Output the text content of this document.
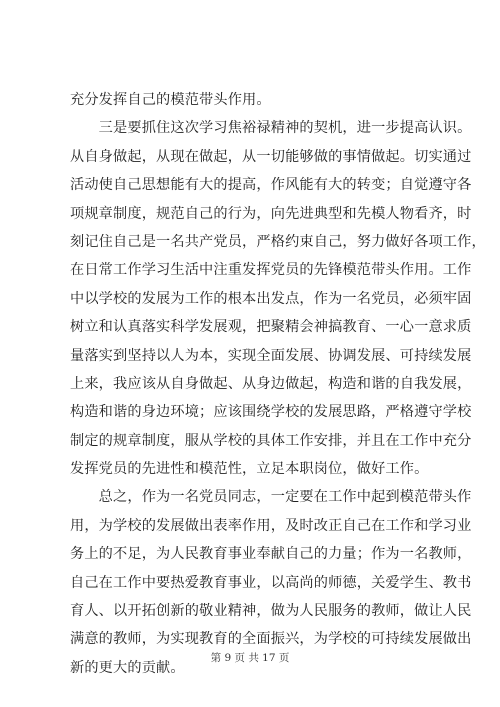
充分发挥自己的模范带头作用。
　　三是要抓住这次学习焦裕禄精神的契机，进一步提高认识。
从自身做起，从现在做起，从一切能够做的事情做起。切实通过
活动使自己思想能有大的提高，作风能有大的转变；自觉遵守各
项规章制度，规范自己的行为，向先进典型和先模人物看齐，时
刻记住自己是一名共产党员，严格约束自己，努力做好各项工作，
在日常工作学习生活中注重发挥党员的先锋模范带头作用。工作
中以学校的发展为工作的根本出发点，作为一名党员，必须牢固
树立和认真落实科学发展观，把聚精会神搞教育、一心一意求质
量落实到坚持以人为本，实现全面发展、协调发展、可持续发展
上来，我应该从自身做起、从身边做起，构造和谐的自我发展，
构造和谐的身边环境；应该围绕学校的发展思路，严格遵守学校
制定的规章制度，服从学校的具体工作安排，并且在工作中充分
发挥党员的先进性和模范性，立足本职岗位，做好工作。
　　总之，作为一名党员同志，一定要在工作中起到模范带头作
用，为学校的发展做出表率作用，及时改正自己在工作和学习业
务上的不足，为人民教育事业奉献自己的力量；作为一名教师，
自己在工作中要热爱教育事业，以高尚的师德，关爱学生、教书
育人、以开拓创新的敬业精神，做为人民服务的教师，做让人民
满意的教师，为实现教育的全面振兴，为学校的可持续发展做出
新的更大的贡献。
第 9 页 共 17 页
